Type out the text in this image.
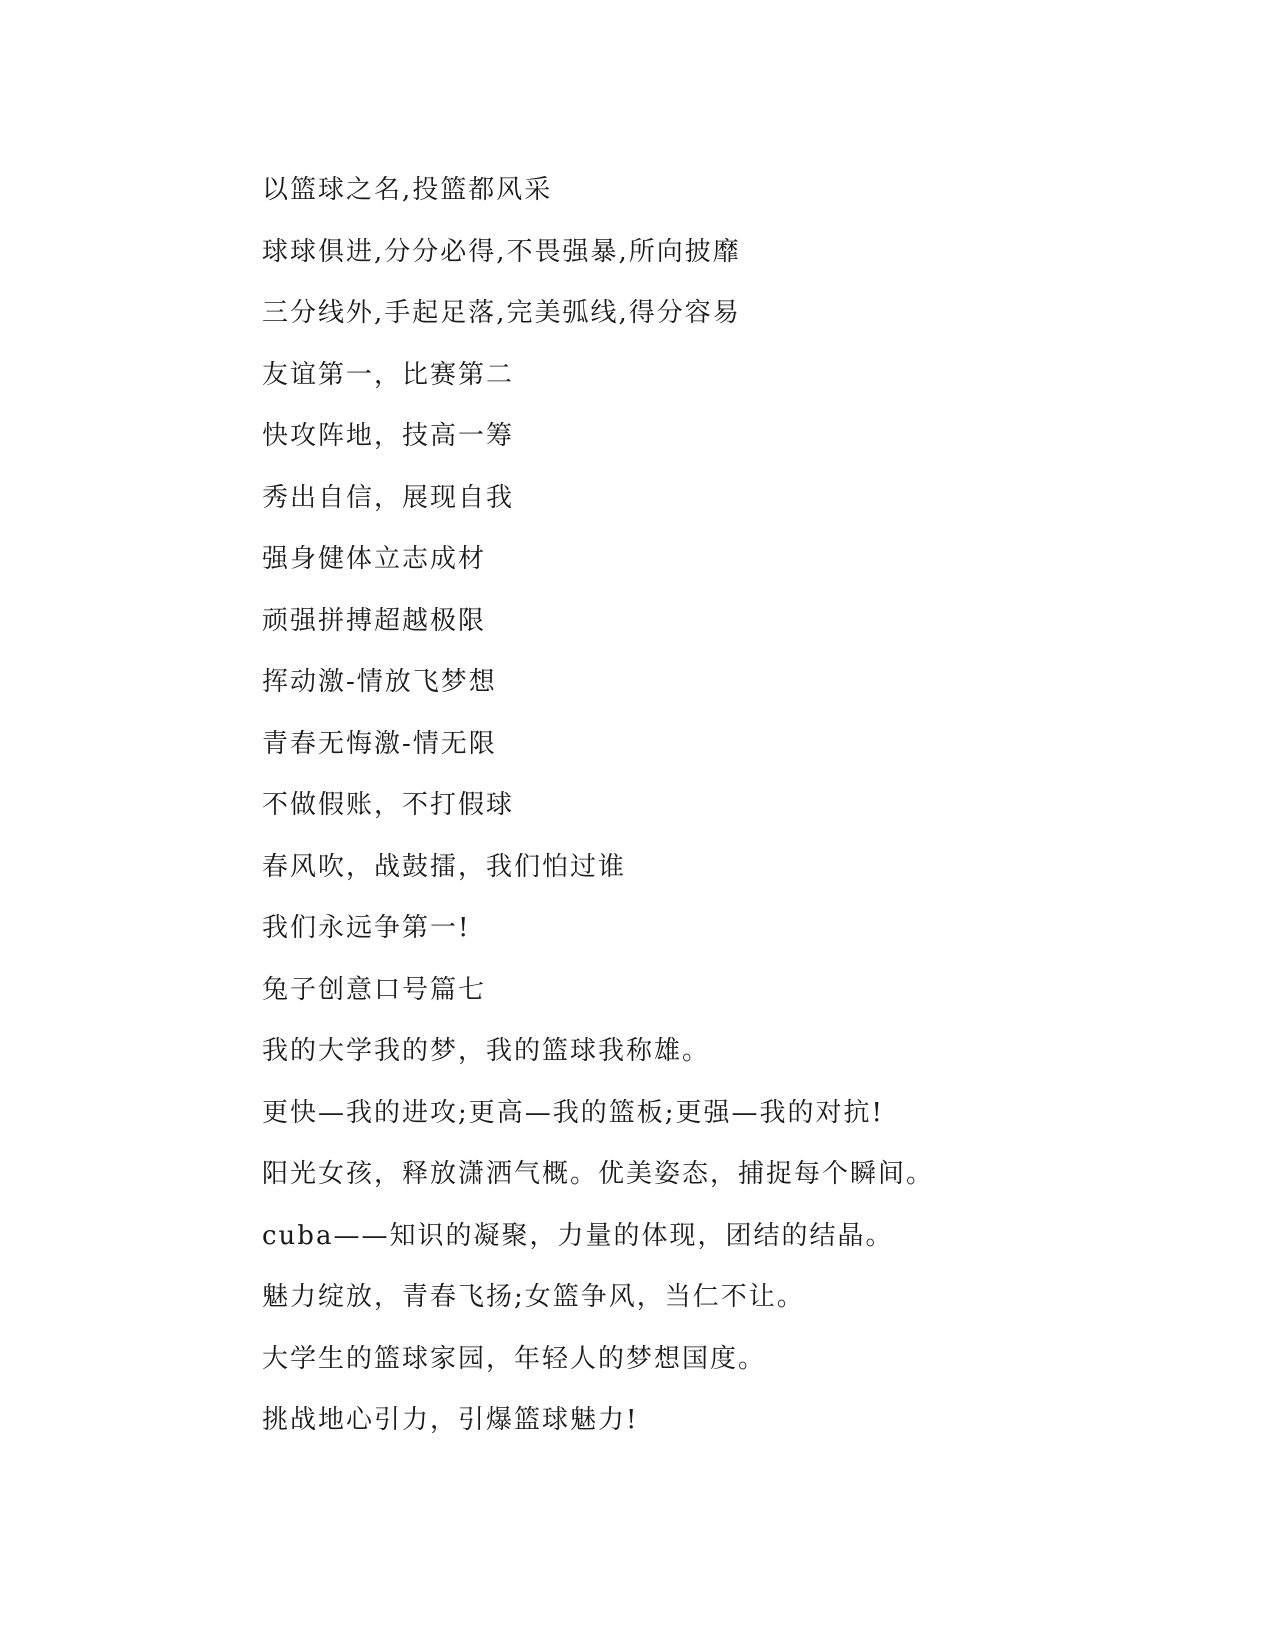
以篮球之名,投篮都风采
球球俱进,分分必得,不畏强暴,所向披靡
三分线外,手起足落,完美弧线,得分容易
友谊第一，比赛第二
快攻阵地，技高一筹
秀出自信，展现自我
强身健体立志成材
顽强拼搏超越极限
挥动激-情放飞梦想
青春无悔激-情无限
不做假账，不打假球
春风吹，战鼓擂，我们怕过谁
我们永远争第一!
兔子创意口号篇七
我的大学我的梦，我的篮球我称雄。
更快—我的进攻;更高—我的篮板;更强—我的对抗!
阳光女孩，释放潇洒气概。优美姿态，捕捉每个瞬间。
cuba——知识的凝聚，力量的体现，团结的结晶。
魅力绽放，青春飞扬;女篮争风，当仁不让。
大学生的篮球家园，年轻人的梦想国度。
挑战地心引力，引爆篮球魅力!
